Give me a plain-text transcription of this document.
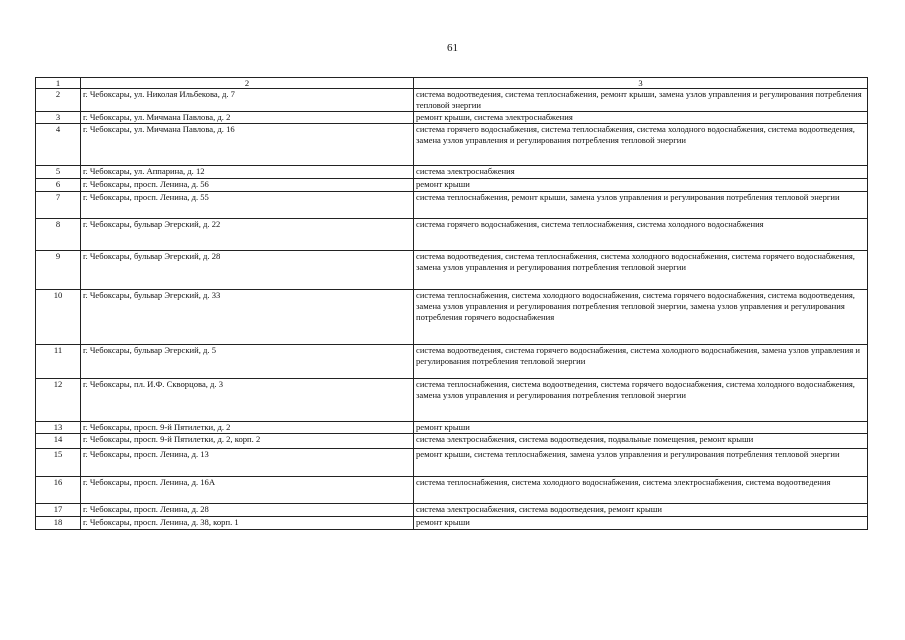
61
1	2	3
2	г. Чебоксары, ул. Николая Ильбекова, д. 7	система водоотведения, система теплоснабжения, ремонт крыши, замена узлов управления и регулирования потребления тепловой энергии
3	г. Чебоксары, ул. Мичмана Павлова, д. 2	ремонт крыши, система электроснабжения
4	г. Чебоксары, ул. Мичмана Павлова, д. 16	система горячего водоснабжения, система теплоснабжения, система холодного водоснабжения, система водоотведения, замена узлов управления и регулирования потребления тепловой энергии
5	г. Чебоксары, ул. Аппарина, д. 12	система электроснабжения
6	г. Чебоксары, просп. Ленина, д. 56	ремонт крыши
7	г. Чебоксары, просп. Ленина, д. 55	система теплоснабжения, ремонт крыши, замена узлов управления и регулирования потребления тепловой энергии
8	г. Чебоксары, бульвар Эгерский, д. 22	система горячего водоснабжения, система теплоснабжения, система холодного водоснабжения
9	г. Чебоксары, бульвар Эгерский, д. 28	система водоотведения, система теплоснабжения, система холодного водоснабжения, система горячего водоснабжения, замена узлов управления и регулирования потребления тепловой энергии
10	г. Чебоксары, бульвар Эгерский, д. 33	система теплоснабжения, система холодного водоснабжения, система горячего водоснабжения, система водоотведения, замена узлов управления и регулирования потребления тепловой энергии, замена узлов управления и регулирования потребления горячего водоснабжения
11	г. Чебоксары, бульвар Эгерский, д. 5	система водоотведения, система горячего водоснабжения, система холодного водоснабжения, замена узлов управления и регулирования потребления тепловой энергии
12	г. Чебоксары, пл. И.Ф. Скворцова, д. 3	система теплоснабжения, система водоотведения, система горячего водоснабжения, система холодного водоснабжения, замена узлов управления и регулирования потребления тепловой энергии
13	г. Чебоксары, просп. 9-й Пятилетки, д. 2	ремонт крыши
14	г. Чебоксары, просп. 9-й Пятилетки, д. 2, корп. 2	система электроснабжения, система водоотведения, подвальные помещения, ремонт крыши
15	г. Чебоксары, просп. Ленина, д. 13	ремонт крыши, система теплоснабжения, замена узлов управления и регулирования потребления тепловой энергии
16	г. Чебоксары, просп. Ленина, д. 16А	система теплоснабжения, система холодного водоснабжения, система электроснабжения, система водоотведения
17	г. Чебоксары, просп. Ленина, д. 28	система электроснабжения, система водоотведения, ремонт крыши
18	г. Чебоксары, просп. Ленина, д. 38, корп. 1	ремонт крыши
